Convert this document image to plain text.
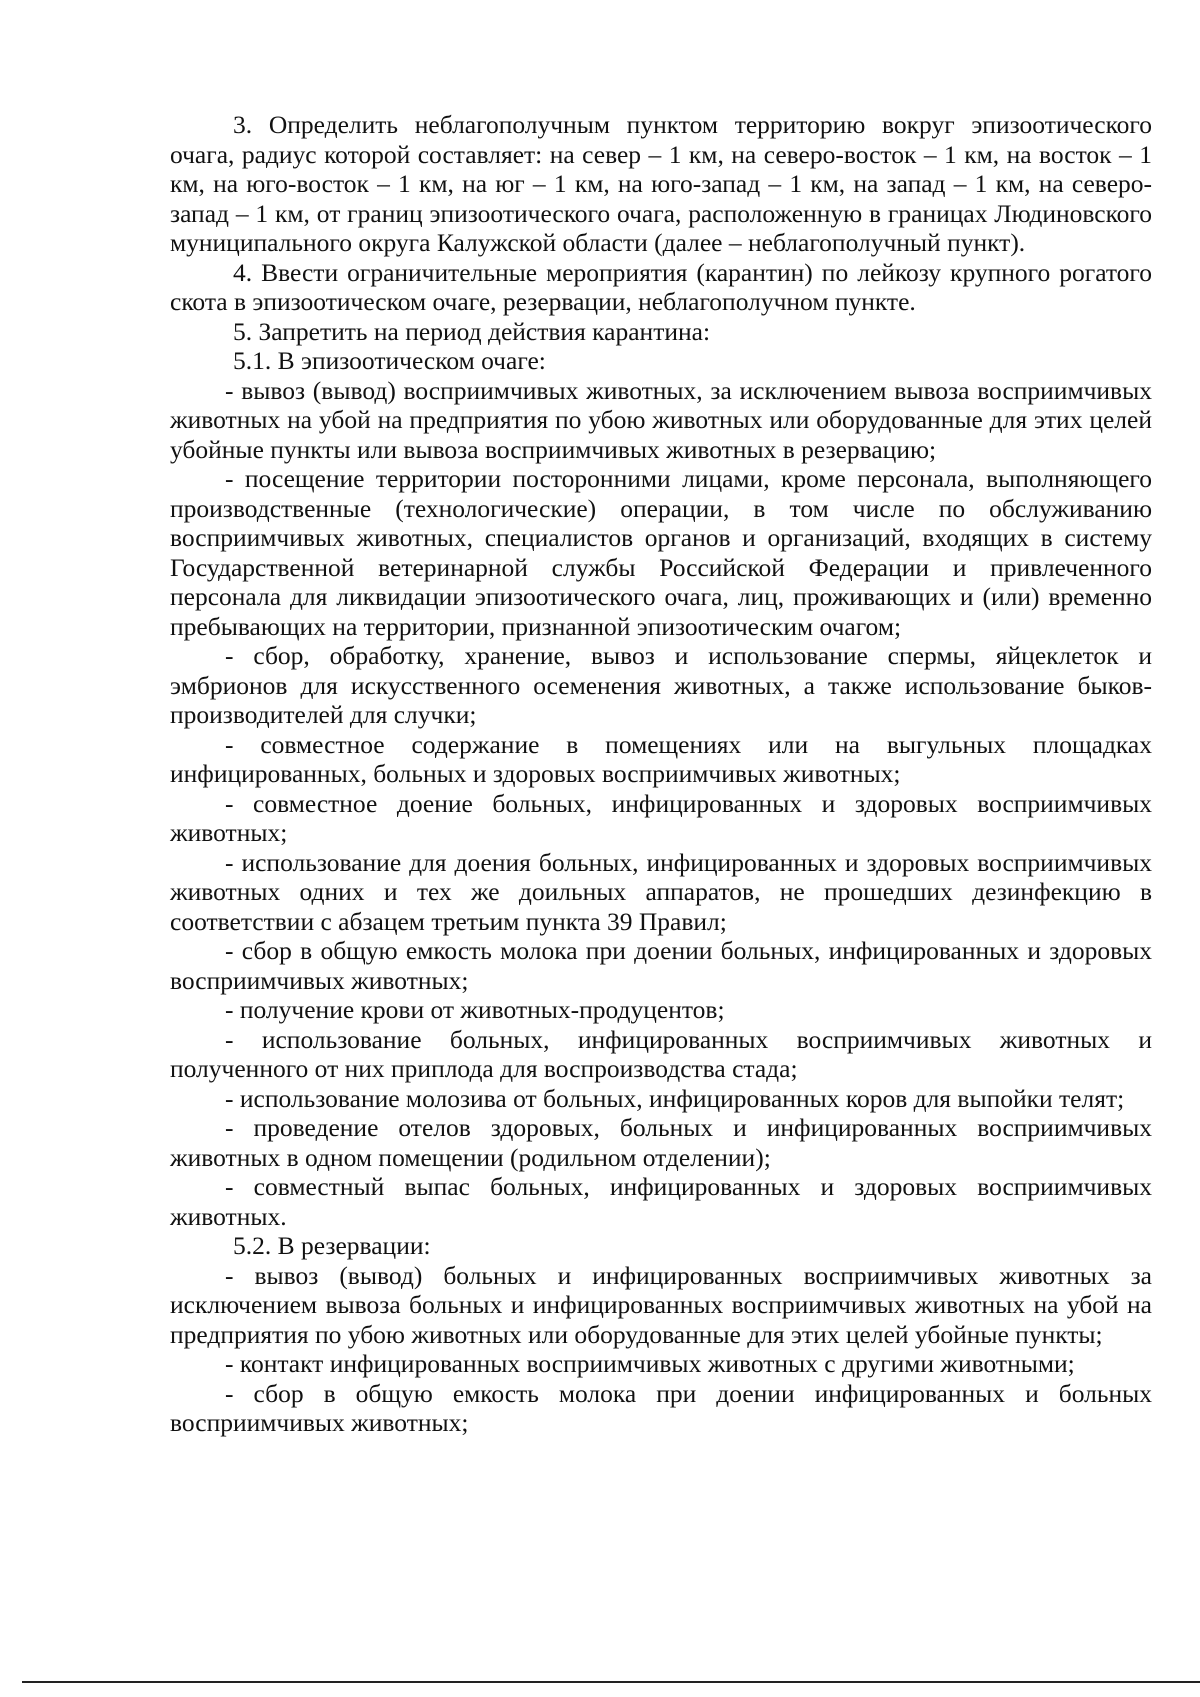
3. Определить неблагополучным пунктом территорию вокруг эпизоотического очага, радиус которой составляет: на север – 1 км, на северо-восток – 1 км, на восток – 1 км, на юго-восток – 1 км, на юг – 1 км, на юго-запад – 1 км, на запад – 1 км, на северо-запад – 1 км, от границ эпизоотического очага, расположенную в границах Людиновского муниципального округа Калужской области (далее – неблагополучный пункт).

4. Ввести ограничительные мероприятия (карантин) по лейкозу крупного рогатого скота в эпизоотическом очаге, резервации, неблагополучном пункте.

5. Запретить на период действия карантина:

5.1. В эпизоотическом очаге:

- вывоз (вывод) восприимчивых животных, за исключением вывоза восприимчивых животных на убой на предприятия по убою животных или оборудованные для этих целей убойные пункты или вывоза восприимчивых животных в резервацию;

- посещение территории посторонними лицами, кроме персонала, выполняющего производственные (технологические) операции, в том числе по обслуживанию восприимчивых животных, специалистов органов и организаций, входящих в систему Государственной ветеринарной службы Российской Федерации и привлеченного персонала для ликвидации эпизоотического очага, лиц, проживающих и (или) временно пребывающих на территории, признанной эпизоотическим очагом;

- сбор, обработку, хранение, вывоз и использование спермы, яйцеклеток и эмбрионов для искусственного осеменения животных, а также использование быков-производителей для случки;

- совместное содержание в помещениях или на выгульных площадках инфицированных, больных и здоровых восприимчивых животных;

- совместное доение больных, инфицированных и здоровых восприимчивых животных;

- использование для доения больных, инфицированных и здоровых восприимчивых животных одних и тех же доильных аппаратов, не прошедших дезинфекцию в соответствии с абзацем третьим пункта 39 Правил;

- сбор в общую емкость молока при доении больных, инфицированных и здоровых восприимчивых животных;

- получение крови от животных-продуцентов;

- использование больных, инфицированных восприимчивых животных и полученного от них приплода для воспроизводства стада;

- использование молозива от больных, инфицированных коров для выпойки телят;

- проведение отелов здоровых, больных и инфицированных восприимчивых животных в одном помещении (родильном отделении);

- совместный выпас больных, инфицированных и здоровых восприимчивых животных.

5.2. В резервации:

- вывоз (вывод) больных и инфицированных восприимчивых животных за исключением вывоза больных и инфицированных восприимчивых животных на убой на предприятия по убою животных или оборудованные для этих целей убойные пункты;

- контакт инфицированных восприимчивых животных с другими животными;

- сбор в общую емкость молока при доении инфицированных и больных восприимчивых животных;
